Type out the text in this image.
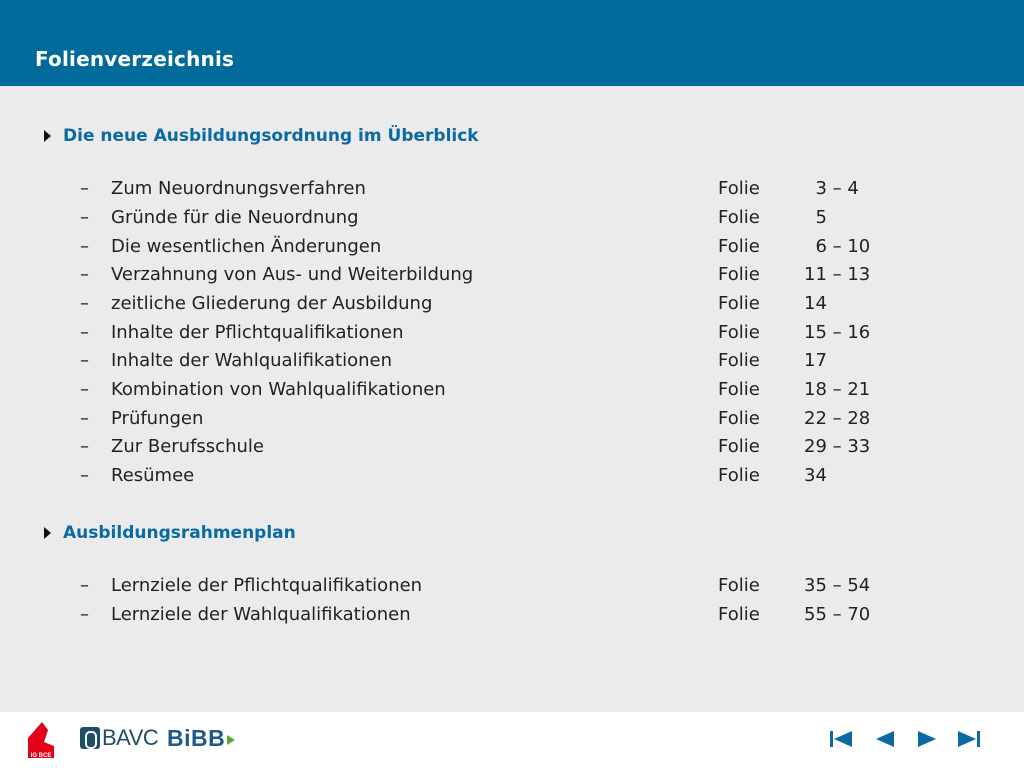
Folienverzeichnis
Die neue Ausbildungsordnung im Überblick
– Zum Neuordnungsverfahren	Folie 3 – 4
– Gründe für die Neuordnung	Folie 5
– Die wesentlichen Änderungen	Folie 6 – 10
– Verzahnung von Aus- und Weiterbildung	Folie 11 – 13
– zeitliche Gliederung der Ausbildung	Folie 14
– Inhalte der Pflichtqualifikationen	Folie 15 – 16
– Inhalte der Wahlqualifikationen	Folie 17
– Kombination von Wahlqualifikationen	Folie 18 – 21
– Prüfungen	Folie 22 – 28
– Zur Berufsschule	Folie 29 – 33
– Resümee	Folie 34
Ausbildungsrahmenplan
– Lernziele der Pflichtqualifikationen	Folie 35 – 54
– Lernziele der Wahlqualifikationen	Folie 55 – 70
IG BCE
BAVC BiBB
